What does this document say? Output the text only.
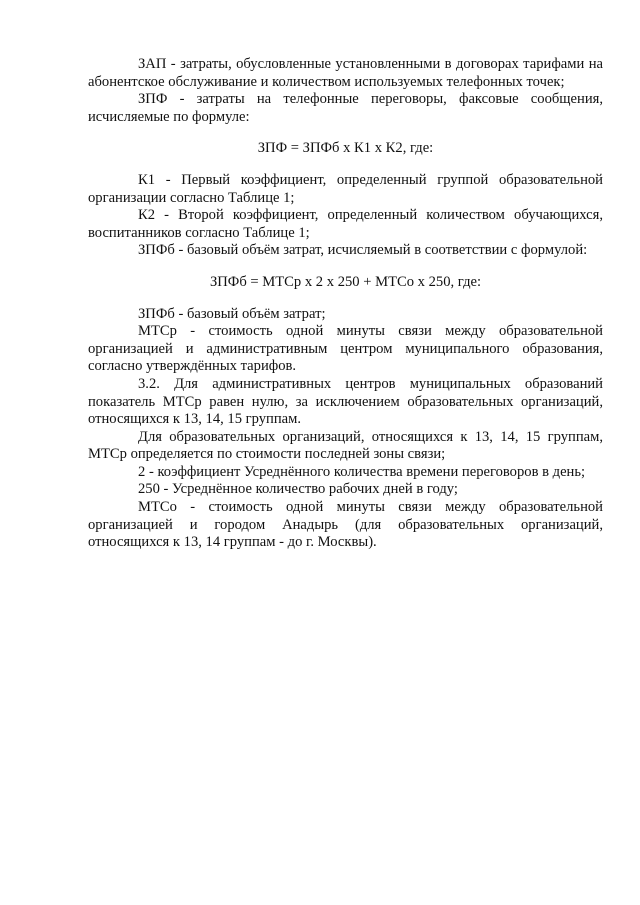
ЗАП - затраты, обусловленные установленными в договорах тарифами на абонентское обслуживание и количеством используемых телефонных точек;

ЗПФ - затраты на телефонные переговоры, факсовые сообщения, исчисляемые по формуле:

ЗПФ = ЗПФб х К1 х К2, где:

К1 - Первый коэффициент, определенный группой образовательной организации согласно Таблице 1;

К2 - Второй коэффициент, определенный количеством обучающихся, воспитанников согласно Таблице 1;

ЗПФб - базовый объём затрат, исчисляемый в соответствии с формулой:

ЗПФб = МТСр х 2 х 250 + МТСо х 250, где:

ЗПФб - базовый объём затрат;

МТСр - стоимость одной минуты связи между образовательной организацией и административным центром муниципального образования, согласно утверждённых тарифов.

3.2. Для административных центров муниципальных образований показатель МТСр равен нулю, за исключением образовательных организаций, относящихся к 13, 14, 15 группам.

Для образовательных организаций, относящихся к 13, 14, 15 группам, МТСр определяется по стоимости последней зоны связи;

2 - коэффициент Усреднённого количества времени переговоров в день;

250 - Усреднённое количество рабочих дней в году;

МТСо - стоимость одной минуты связи между образовательной организацией и городом Анадырь (для образовательных организаций, относящихся к 13, 14 группам - до г. Москвы).
